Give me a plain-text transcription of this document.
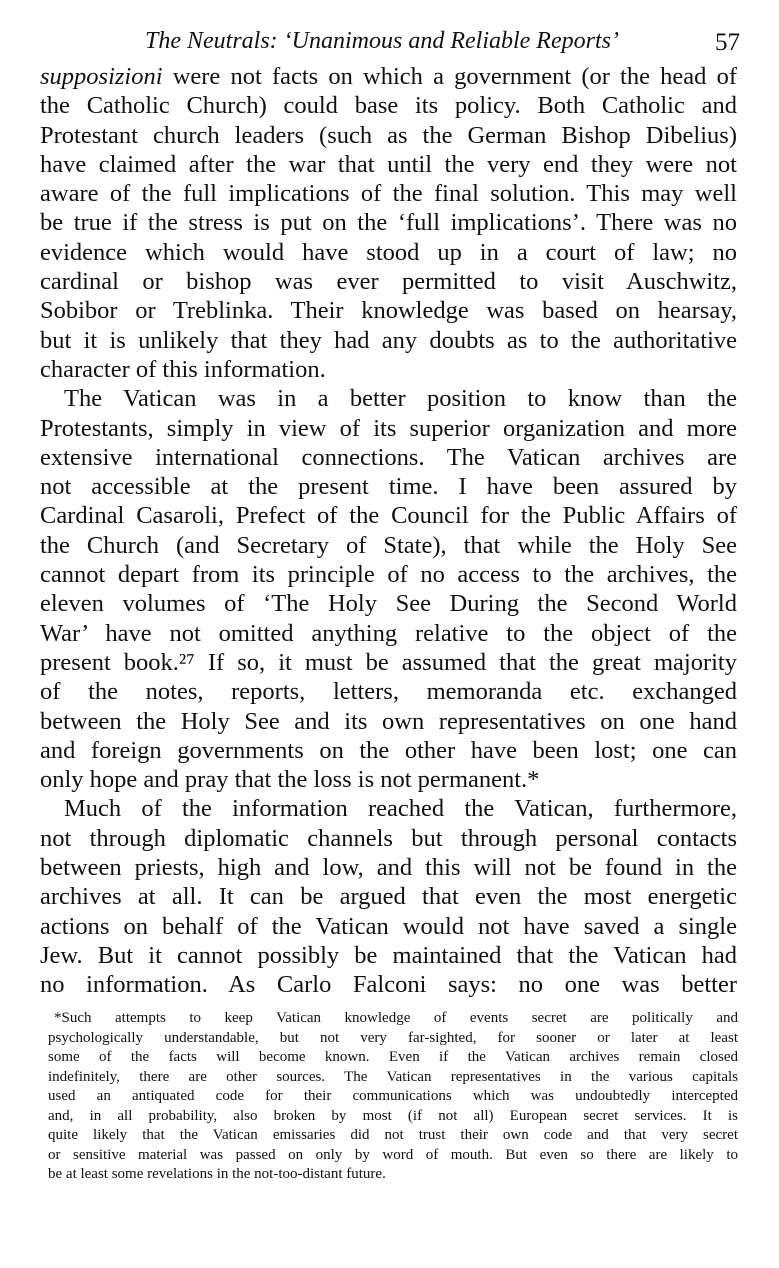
The Neutrals: ‘Unanimous and Reliable Reports’	57
supposizioni were not facts on which a government (or the head of
the Catholic Church) could base its policy. Both Catholic and
Protestant church leaders (such as the German Bishop Dibelius)
have claimed after the war that until the very end they were not
aware of the full implications of the final solution. This may well
be true if the stress is put on the ‘full implications’. There was no
evidence which would have stood up in a court of law; no
cardinal or bishop was ever permitted to visit Auschwitz,
Sobibor or Treblinka. Their knowledge was based on hearsay,
but it is unlikely that they had any doubts as to the authoritative
character of this information.
The Vatican was in a better position to know than the
Protestants, simply in view of its superior organization and more
extensive international connections. The Vatican archives are
not accessible at the present time. I have been assured by
Cardinal Casaroli, Prefect of the Council for the Public Affairs of
the Church (and Secretary of State), that while the Holy See
cannot depart from its principle of no access to the archives, the
eleven volumes of ‘The Holy See During the Second World
War’ have not omitted anything relative to the object of the
present book.²⁷ If so, it must be assumed that the great majority
of the notes, reports, letters, memoranda etc. exchanged
between the Holy See and its own representatives on one hand
and foreign governments on the other have been lost; one can
only hope and pray that the loss is not permanent.*
Much of the information reached the Vatican, furthermore,
not through diplomatic channels but through personal contacts
between priests, high and low, and this will not be found in the
archives at all. It can be argued that even the most energetic
actions on behalf of the Vatican would not have saved a single
Jew. But it cannot possibly be maintained that the Vatican had
no information. As Carlo Falconi says: no one was better
*Such attempts to keep Vatican knowledge of events secret are politically and
psychologically understandable, but not very far-sighted, for sooner or later at least
some of the facts will become known. Even if the Vatican archives remain closed
indefinitely, there are other sources. The Vatican representatives in the various capitals
used an antiquated code for their communications which was undoubtedly intercepted
and, in all probability, also broken by most (if not all) European secret services. It is
quite likely that the Vatican emissaries did not trust their own code and that very secret
or sensitive material was passed on only by word of mouth. But even so there are likely to
be at least some revelations in the not-too-distant future.
